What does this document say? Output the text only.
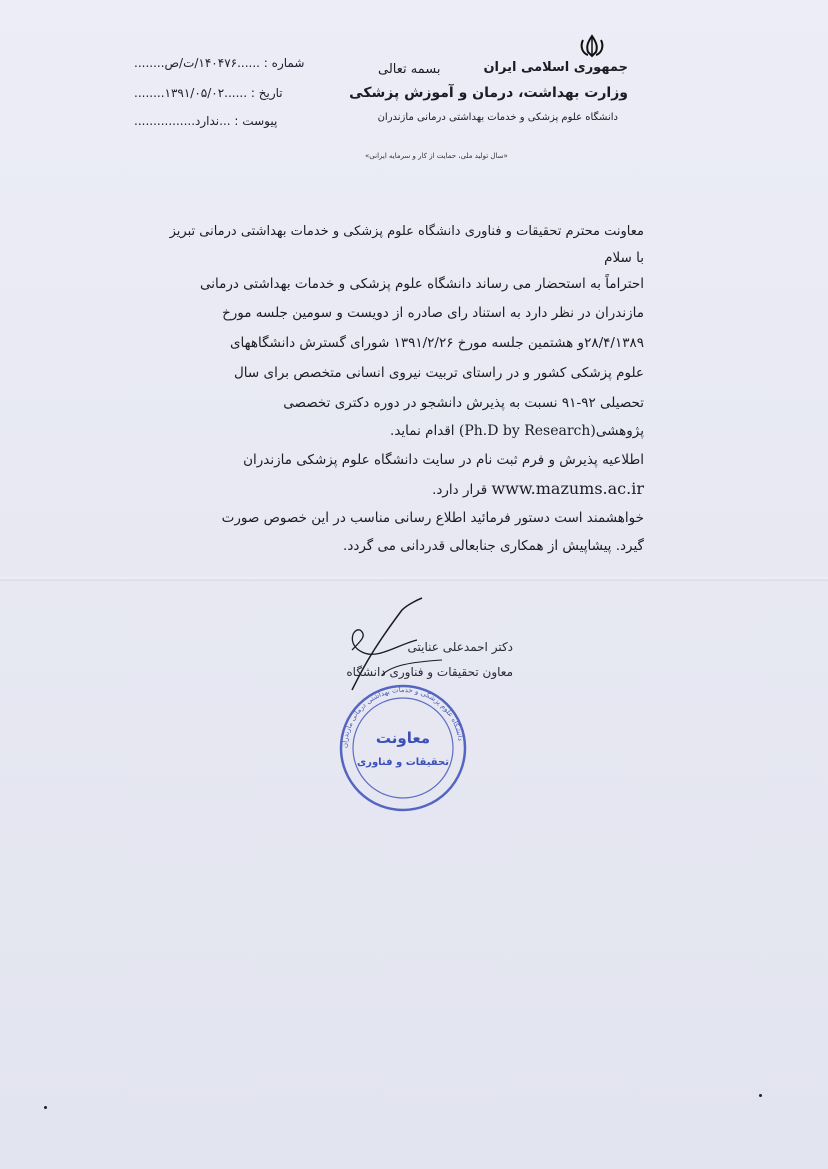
جمهوری اسلامی ایران
وزارت بهداشت، درمان و آموزش پزشکی
دانشگاه علوم پزشکی و خدمات بهداشتی درمانی مازندران
بسمه تعالی
شماره : ......١۴٠۴٧۶/ت/ص........
تاریخ : ......١٣٩١/٠۵/٠٢........
پیوست : ...ندارد................
«سال تولید ملی، حمایت از کار و سرمایه ایرانی»
معاونت محترم تحقیقات و فناوری دانشگاه علوم پزشکی و خدمات بهداشتی درمانی تبریز
با سلام
احتراماً به استحضار می رساند دانشگاه علوم پزشکی و خدمات بهداشتی درمانی
مازندران در نظر دارد به استناد رای صادره از دویست و سومین جلسه مورخ
١٣٨٩/۴/٢٨و هشتمین جلسه مورخ ١٣٩١/٢/٢۶ شورای گسترش دانشگاههای
علوم پزشکی کشور و در راستای تربیت نیروی انسانی متخصص برای سال
تحصیلی ٩٢-٩١ نسبت به پذیرش دانشجو در دوره دکتری تخصصی
پژوهشی(Ph.D by Research) اقدام نماید.
اطلاعیه پذیرش و فرم ثبت نام در سایت دانشگاه علوم پزشکی مازندران
www.mazums.ac.ir قرار دارد.
خواهشمند است دستور فرمائید اطلاع رسانی مناسب در این خصوص صورت
گیرد. پیشاپیش از همکاری جنابعالی قدردانی می گردد.
دکتر احمدعلی عنایتی
معاون تحقیقات و فناوری دانشگاه
معاونت
تحقیقات و فناوری
دانشگاه علوم پزشکی و خدمات بهداشتی درمانی مازندران
